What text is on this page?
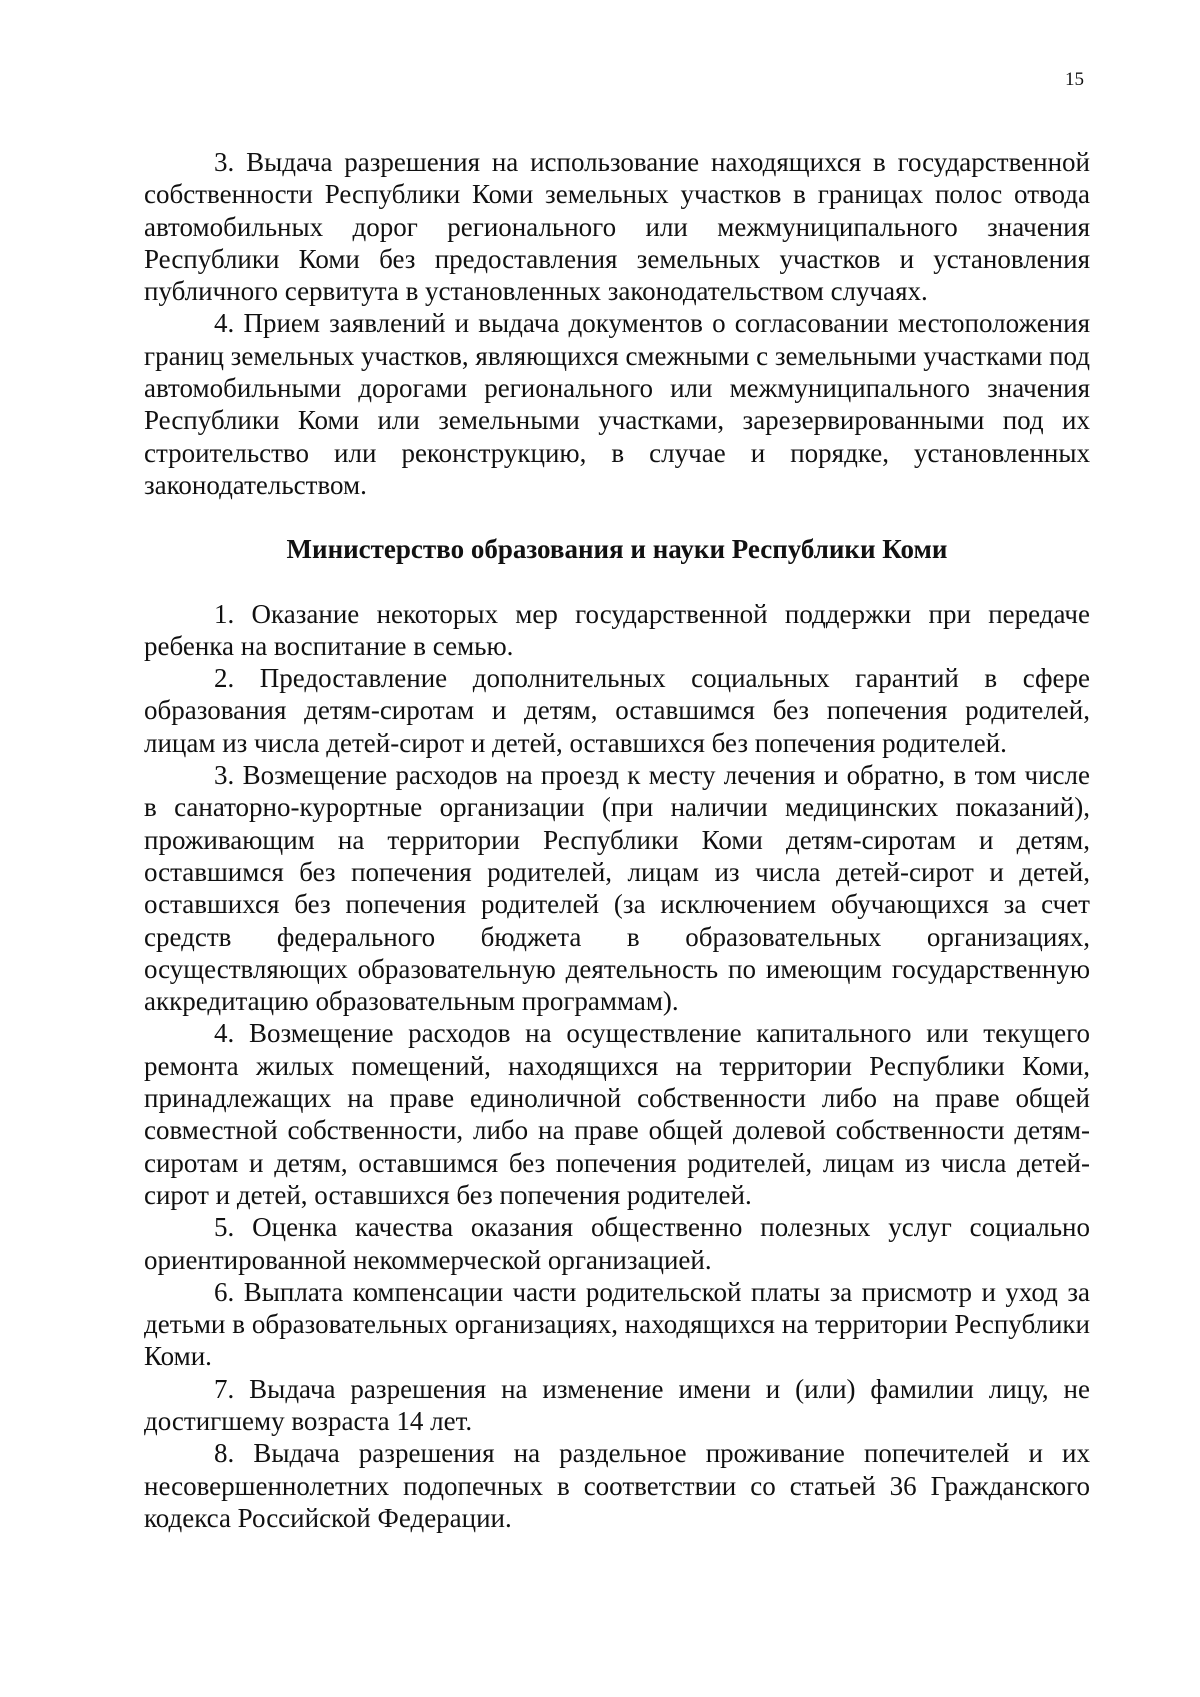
15

3. Выдача разрешения на использование находящихся в государственной собственности Республики Коми земельных участков в границах полос отвода автомобильных дорог регионального или межмуниципального значения Республики Коми без предоставления земельных участков и установления публичного сервитута в установленных законодательством случаях.

4. Прием заявлений и выдача документов о согласовании местоположения границ земельных участков, являющихся смежными с земельными участками под автомобильными дорогами регионального или межмуниципального значения Республики Коми или земельными участками, зарезервированными под их строительство или реконструкцию, в случае и порядке, установленных законодательством.

Министерство образования и науки Республики Коми

1. Оказание некоторых мер государственной поддержки при передаче ребенка на воспитание в семью.

2. Предоставление дополнительных социальных гарантий в сфере образования детям-сиротам и детям, оставшимся без попечения родителей, лицам из числа детей-сирот и детей, оставшихся без попечения родителей.

3. Возмещение расходов на проезд к месту лечения и обратно, в том числе в санаторно-курортные организации (при наличии медицинских показаний), проживающим на территории Республики Коми детям-сиротам и детям, оставшимся без попечения родителей, лицам из числа детей-сирот и детей, оставшихся без попечения родителей (за исключением обучающихся за счет средств федерального бюджета в образовательных организациях, осуществляющих образовательную деятельность по имеющим государственную аккредитацию образовательным программам).

4. Возмещение расходов на осуществление капитального или текущего ремонта жилых помещений, находящихся на территории Республики Коми, принадлежащих на праве единоличной собственности либо на праве общей совместной собственности, либо на праве общей долевой собственности детям-сиротам и детям, оставшимся без попечения родителей, лицам из числа детей-сирот и детей, оставшихся без попечения родителей.

5. Оценка качества оказания общественно полезных услуг социально ориентированной некоммерческой организацией.

6. Выплата компенсации части родительской платы за присмотр и уход за детьми в образовательных организациях, находящихся на территории Республики Коми.

7. Выдача разрешения на изменение имени и (или) фамилии лицу, не достигшему возраста 14 лет.

8. Выдача разрешения на раздельное проживание попечителей и их несовершеннолетних подопечных в соответствии со статьей 36 Гражданского кодекса Российской Федерации.
